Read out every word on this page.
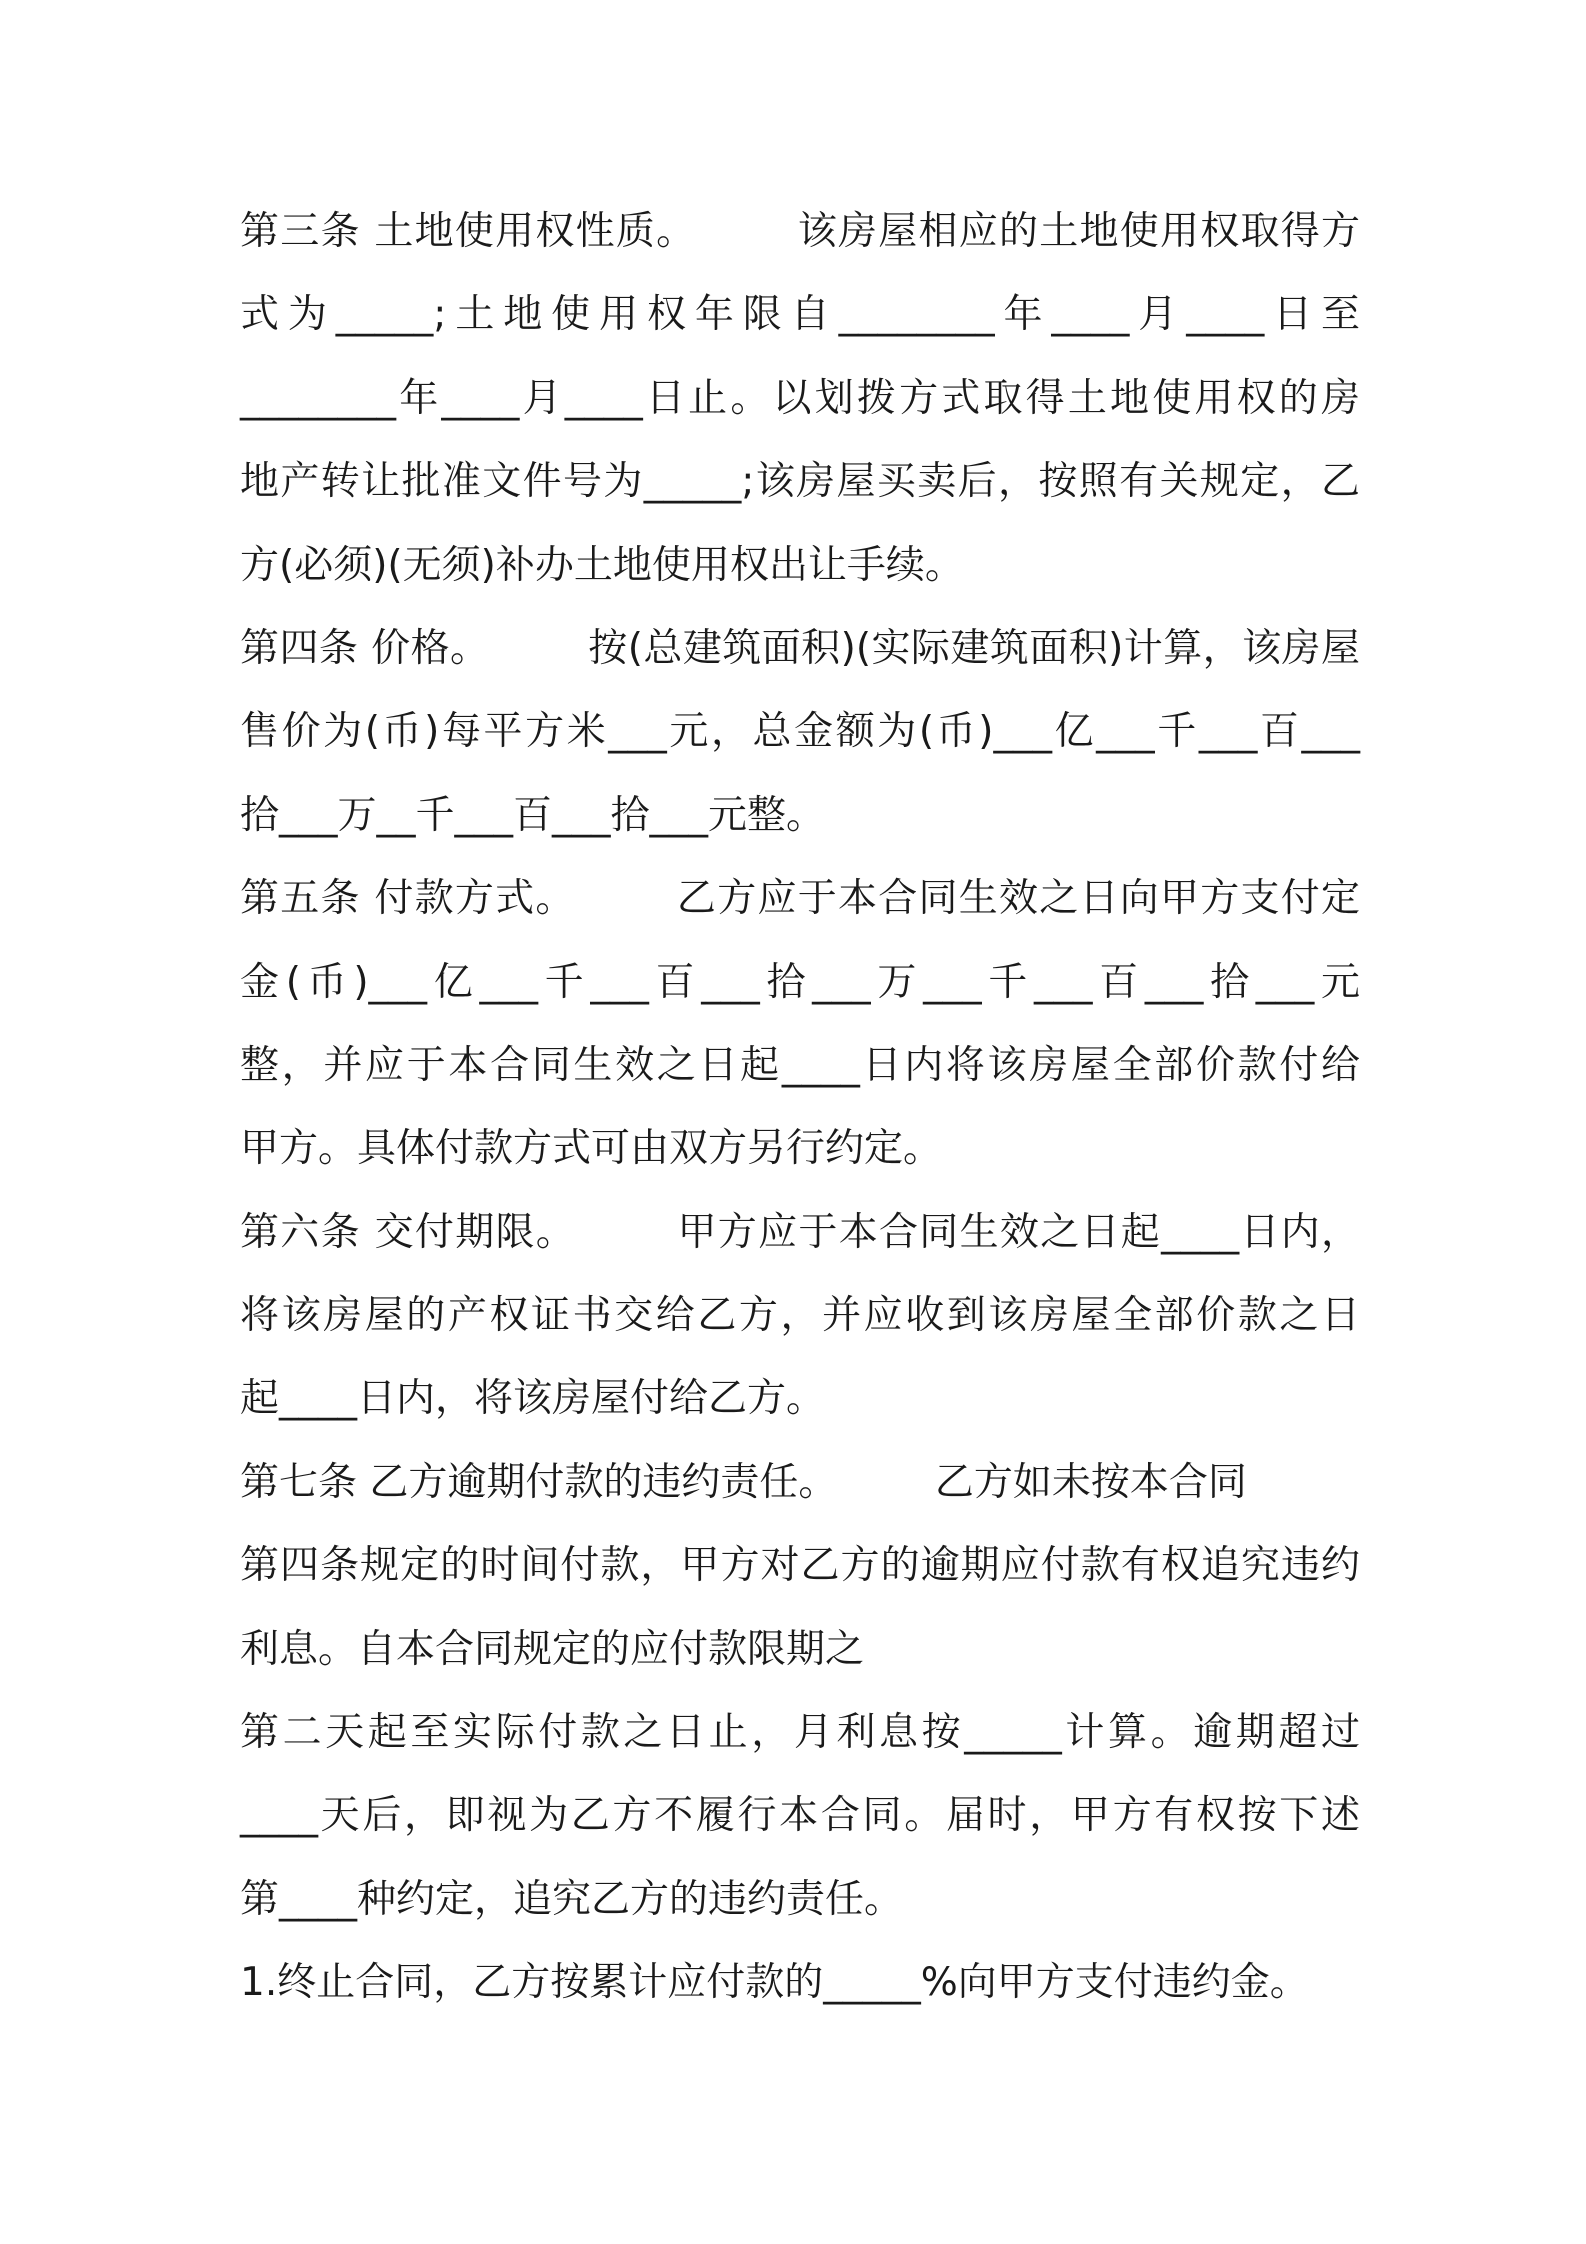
第三条 土地使用权性质。　　　该房屋相应的土地使用权取得方
式为_____;土地使用权年限自________年____月____日至
________年____月____日止。以划拨方式取得土地使用权的房
地产转让批准文件号为_____;该房屋买卖后，按照有关规定，乙
方(必须)(无须)补办土地使用权出让手续。
第四条 价格。　　　按(总建筑面积)(实际建筑面积)计算，该房屋
售价为(币)每平方米___元，总金额为(币)___亿___千___百___
拾___万__千___百___拾___元整。
第五条 付款方式。　　　乙方应于本合同生效之日向甲方支付定
金(币)___亿___千___百___拾___万___千___百___拾___元
整，并应于本合同生效之日起____日内将该房屋全部价款付给
甲方。具体付款方式可由双方另行约定。
第六条 交付期限。　　　甲方应于本合同生效之日起____日内，
将该房屋的产权证书交给乙方，并应收到该房屋全部价款之日
起____日内，将该房屋付给乙方。
第七条 乙方逾期付款的违约责任。　　　乙方如未按本合同
第四条规定的时间付款，甲方对乙方的逾期应付款有权追究违约
利息。自本合同规定的应付款限期之
第二天起至实际付款之日止，月利息按_____计算。逾期超过
____天后，即视为乙方不履行本合同。届时，甲方有权按下述
第____种约定，追究乙方的违约责任。
1.终止合同，乙方按累计应付款的_____%向甲方支付违约金。
